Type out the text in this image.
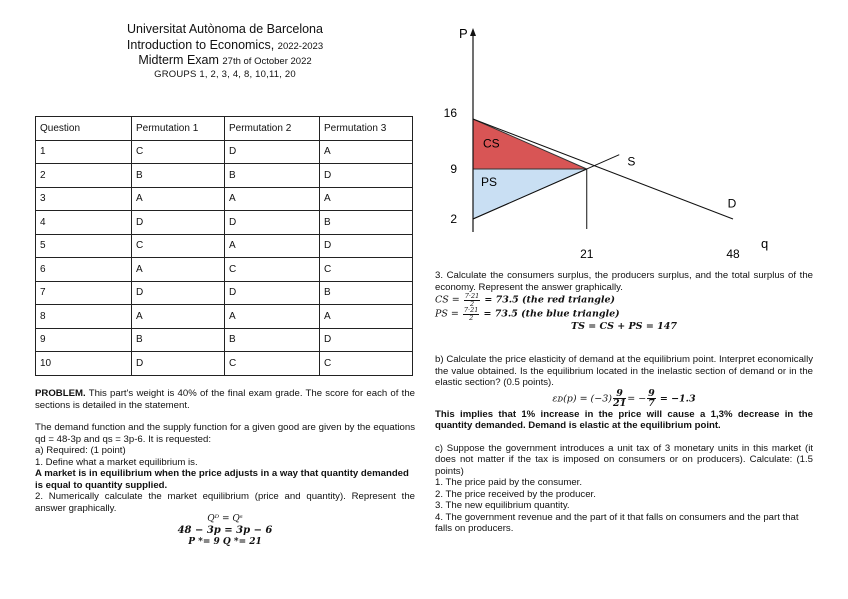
Universitat Autònoma de Barcelona
Introduction to Economics, 2022-2023
Midterm Exam 27th of October 2022
GROUPS 1, 2, 3, 4, 8, 10,11, 20
Question	Permutation 1	Permutation 2	Permutation 3
1	C	D	A
2	B	B	D
3	A	A	A
4	D	D	B
5	C	A	D
6	A	C	C
7	D	D	B
8	A	A	A
9	B	B	D
10	D	C	C

PROBLEM. This part's weight is 40% of the final exam grade. The score for each of the sections is detailed in the statement.

The demand function and the supply function for a given good are given by the equations qd = 48-3p and qs = 3p-6. It is requested:

a) Required: (1 point)

1. Define what a market equilibrium is.

A market is in equilibrium when the price adjusts in a way that quantity demanded is equal to quantity supplied.

2. Numerically calculate the market equilibrium (price and quantity). Represent the answer graphically.

Qᴰ = Qˢ

48 − 3p = 3p − 6

P *= 9 Q *= 21

P
q
16
9
2
21	48
CS
PS
S
D

3. Calculate the consumers surplus, the producers surplus, and the total surplus of the economy. Represent the answer graphically.

CS = $\frac{7\cdot 21}{2} = 73.5$ (the red triangle)

PS = $\frac{7\cdot 21}{2} = 73.5$ (the blue triangle)

TS = CS + PS = 147

b) Calculate the price elasticity of demand at the equilibrium point. Interpret economically the value obtained. Is the equilibrium located in the inelastic section of demand or in the elastic section? (0.5 points).

εᴅ(p) = $(-3) \frac{9}{21}$ = − $\frac{9}{7} = -1.3$

This implies that 1% increase in the price will cause a 1,3% decrease in the quantity demanded. Demand is elastic at the equilibrium point.

c) Suppose the government introduces a unit tax of 3 monetary units in this market (it does not matter if the tax is imposed on consumers or on producers). Calculate: (1.5 points)

1. The price paid by the consumer.

2. The price received by the producer.

3. The new equilibrium quantity.

4. The government revenue and the part of it that falls on consumers and the part that falls on producers.
